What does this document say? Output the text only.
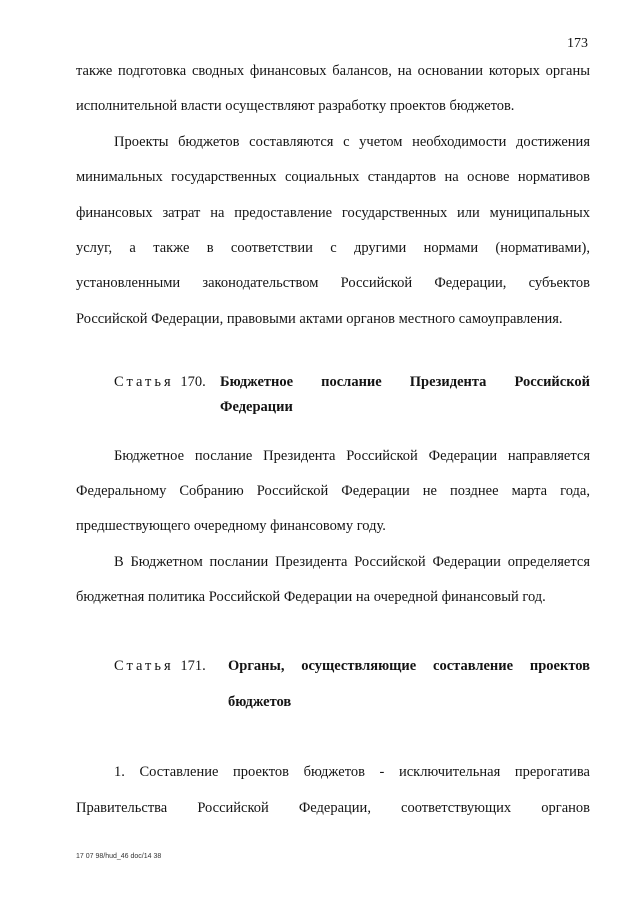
173
также подготовка сводных финансовых балансов, на основании которых органы
исполнительной власти осуществляют разработку проектов бюджетов.
Проекты бюджетов составляются с учетом необходимости достижения
минимальных государственных социальных стандартов на основе нормативов
финансовых затрат на предоставление государственных или муниципальных
услуг, а также в соответствии с другими нормами (нормативами),
установленными законодательством Российской Федерации, субъектов
Российской Федерации, правовыми актами органов местного самоуправления.
Статья 170. Бюджетное послание Президента Российской
Федерации
Бюджетное послание Президента Российской Федерации направляется
Федеральному Собранию Российской Федерации не позднее марта года,
предшествующего очередному финансовому году.
В Бюджетном послании Президента Российской Федерации определяется
бюджетная политика Российской Федерации на очередной финансовый год.
Статья 171. Органы, осуществляющие составление проектов
бюджетов
1. Составление проектов бюджетов - исключительная прерогатива
Правительства Российской Федерации, соответствующих органов
17 07 98/hud_46 doc/14 38
